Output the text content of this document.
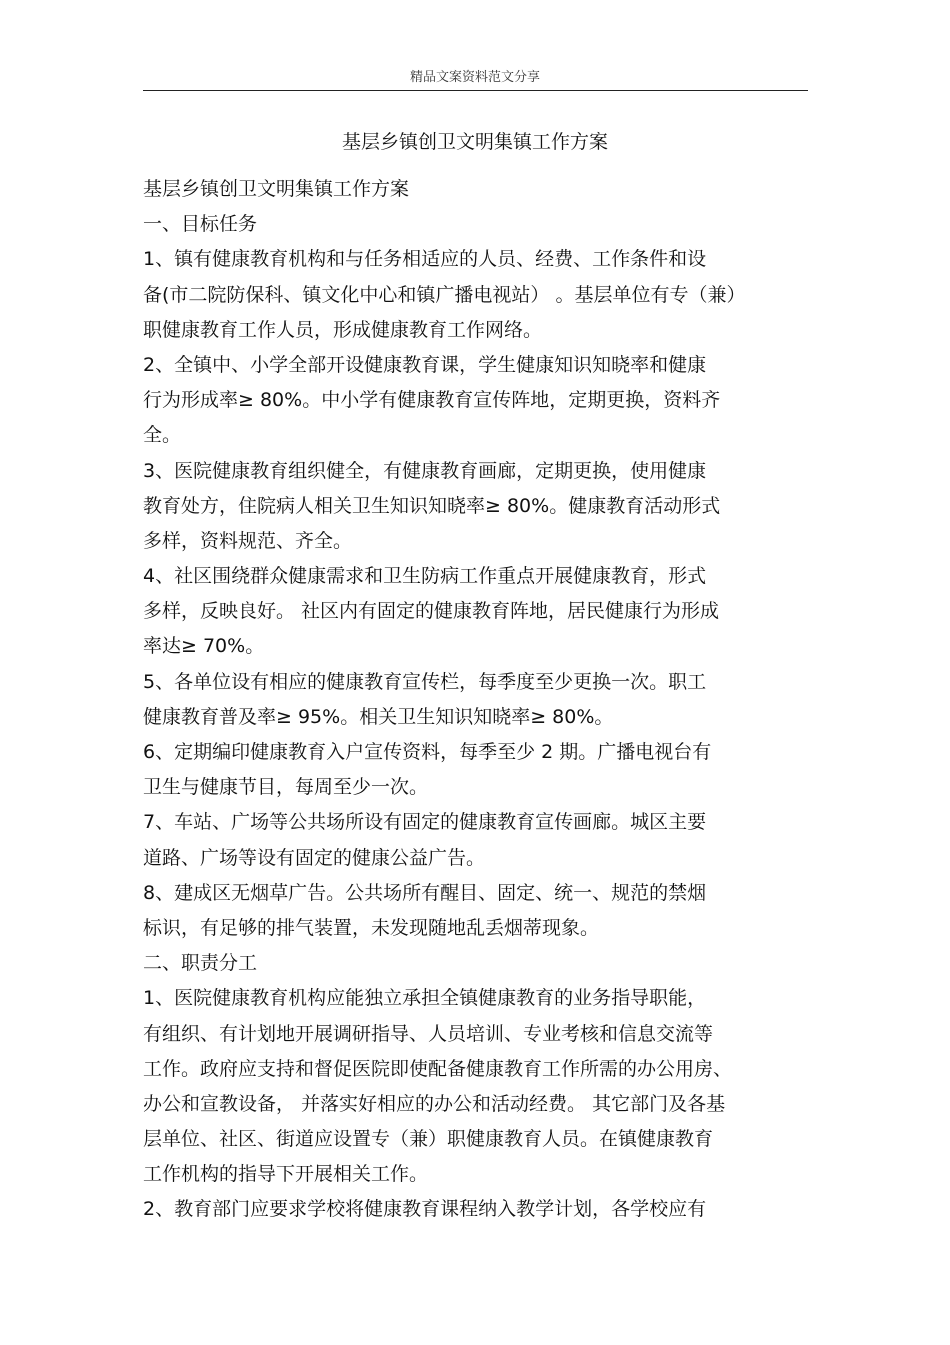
精品文案资料范文分享
基层乡镇创卫文明集镇工作方案
基层乡镇创卫文明集镇工作方案
一、目标任务
1、镇有健康教育机构和与任务相适应的人员、经费、工作条件和设
备(市二院防保科、镇文化中心和镇广播电视站） 。基层单位有专（兼）
职健康教育工作人员，形成健康教育工作网络。
2、全镇中、小学全部开设健康教育课，学生健康知识知晓率和健康
行为形成率≥ 80%。中小学有健康教育宣传阵地，定期更换，资料齐
全。
3、医院健康教育组织健全，有健康教育画廊，定期更换，使用健康
教育处方，住院病人相关卫生知识知晓率≥ 80%。健康教育活动形式
多样，资料规范、齐全。
4、社区围绕群众健康需求和卫生防病工作重点开展健康教育，形式
多样，反映良好。 社区内有固定的健康教育阵地，居民健康行为形成
率达≥ 70%。
5、各单位设有相应的健康教育宣传栏，每季度至少更换一次。职工
健康教育普及率≥ 95%。相关卫生知识知晓率≥ 80%。
6、定期编印健康教育入户宣传资料，每季至少 2 期。广播电视台有
卫生与健康节目，每周至少一次。
7、车站、广场等公共场所设有固定的健康教育宣传画廊。城区主要
道路、广场等设有固定的健康公益广告。
8、建成区无烟草广告。公共场所有醒目、固定、统一、规范的禁烟
标识，有足够的排气装置，未发现随地乱丢烟蒂现象。
二、职责分工
1、医院健康教育机构应能独立承担全镇健康教育的业务指导职能，
有组织、有计划地开展调研指导、人员培训、专业考核和信息交流等
工作。政府应支持和督促医院即使配备健康教育工作所需的办公用房、
办公和宣教设备， 并落实好相应的办公和活动经费。 其它部门及各基
层单位、社区、街道应设置专（兼）职健康教育人员。在镇健康教育
工作机构的指导下开展相关工作。
2、教育部门应要求学校将健康教育课程纳入教学计划，各学校应有
